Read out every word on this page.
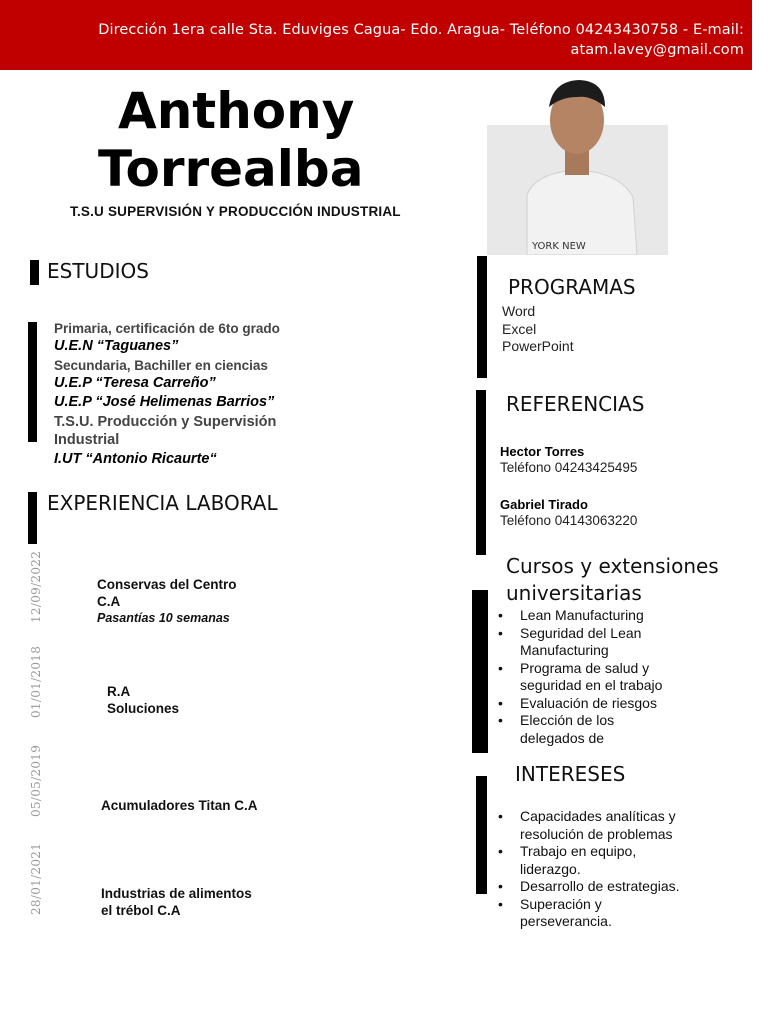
Dirección 1era calle Sta. Eduviges Cagua- Edo. Aragua- Teléfono 04243430758 - E-mail:
atam.lavey@gmail.com
Anthony
Torrealba
T.S.U SUPERVISIÓN Y PRODUCCIÓN INDUSTRIAL
YORK NEW
ESTUDIOS
Primaria, certificación de 6to grado
U.E.N “Taguanes”
Secundaria, Bachiller en ciencias
U.E.P “Teresa Carreño”
U.E.P “José Helimenas Barrios”
T.S.U. Producción y Supervisión
Industrial
I.UT “Antonio Ricaurte“
EXPERIENCIA LABORAL
12/09/2022	Conservas del Centro
C.A
Pasantías 10 semanas
01/01/2018	R.A
Soluciones
05/05/2019	Acumuladores Titan C.A
28/01/2021	Industrias de alimentos
el trébol C.A
PROGRAMAS
Word
Excel
PowerPoint
REFERENCIAS
Hector Torres
Teléfono 04243425495
Gabriel Tirado
Teléfono 04143063220
Cursos y extensiones
universitarias
• Lean Manufacturing
• Seguridad del Lean
Manufacturing
• Programa de salud y
seguridad en el trabajo
• Evaluación de riesgos
• Elección de los
delegados de
INTERESES
• Capacidades analíticas y
resolución de problemas
• Trabajo en equipo,
liderazgo.
• Desarrollo de estrategias.
• Superación y
perseverancia.
